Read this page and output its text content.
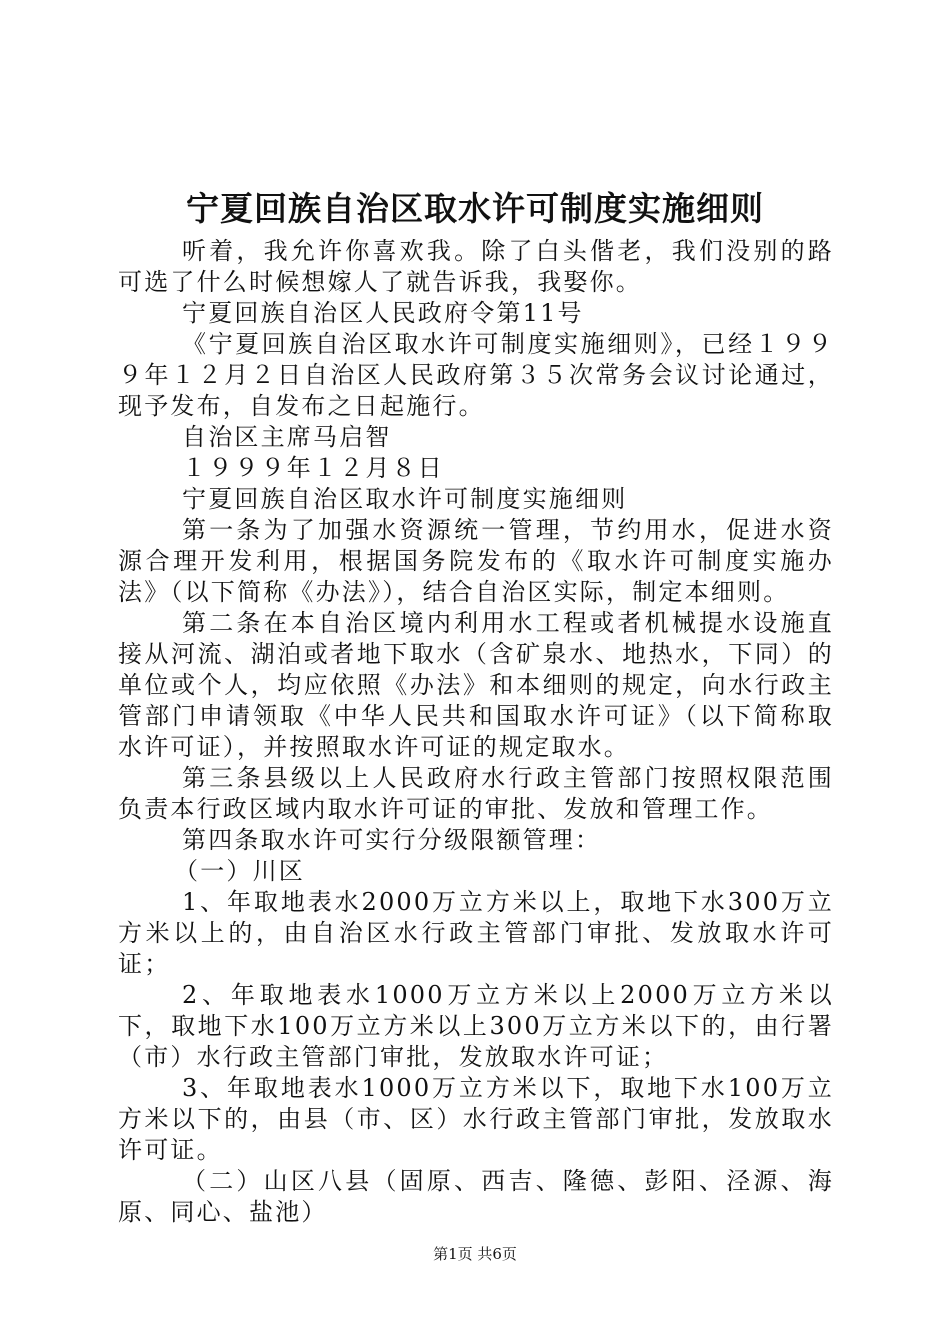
宁夏回族自治区取水许可制度实施细则

听着，我允许你喜欢我。除了白头偕老，我们没别的路可选了什么时候想嫁人了就告诉我，我娶你。

宁夏回族自治区人民政府令第11号

《宁夏回族自治区取水许可制度实施细则》，已经１９９９年１２月２日自治区人民政府第３５次常务会议讨论通过，现予发布，自发布之日起施行。

自治区主席马启智

１９９９年１２月８日

宁夏回族自治区取水许可制度实施细则

第一条为了加强水资源统一管理，节约用水，促进水资源合理开发利用，根据国务院发布的《取水许可制度实施办法》（以下简称《办法》），结合自治区实际，制定本细则。

第二条在本自治区境内利用水工程或者机械提水设施直接从河流、湖泊或者地下取水（含矿泉水、地热水，下同）的单位或个人，均应依照《办法》和本细则的规定，向水行政主管部门申请领取《中华人民共和国取水许可证》（以下简称取水许可证），并按照取水许可证的规定取水。

第三条县级以上人民政府水行政主管部门按照权限范围负责本行政区域内取水许可证的审批、发放和管理工作。

第四条取水许可实行分级限额管理：

（一）川区

1、年取地表水2000万立方米以上，取地下水300万立方米以上的，由自治区水行政主管部门审批、发放取水许可证；

2、年取地表水1000万立方米以上2000万立方米以下，取地下水100万立方米以上300万立方米以下的，由行署（市）水行政主管部门审批，发放取水许可证；

3、年取地表水1000万立方米以下，取地下水100万立方米以下的，由县（市、区）水行政主管部门审批，发放取水许可证。

（二）山区八县（固原、西吉、隆德、彭阳、泾源、海原、同心、盐池）

第1页 共6页
